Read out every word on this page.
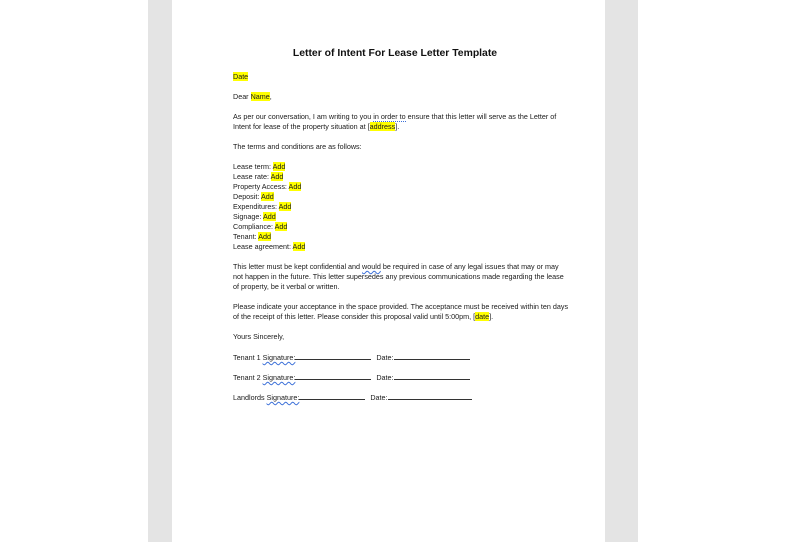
Letter of Intent For Lease Letter Template
Date
Dear Name,
As per our conversation, I am writing to you in order to ensure that this letter will serve as the Letter of
Intent for lease of the property situation at [address].
The terms and conditions are as follows:
Lease term: Add
Lease rate: Add
Property Access: Add
Deposit: Add
Expenditures: Add
Signage: Add
Compliance: Add
Tenant: Add
Lease agreement: Add
This letter must be kept confidential and would be required in case of any legal issues that may or may
not happen in the future. This letter supersedes any previous communications made regarding the lease
of property, be it verbal or written.
Please indicate your acceptance in the space provided. The acceptance must be received within ten days
of the receipt of this letter. Please consider this proposal valid until 5:00pm, [date].
Yours Sincerely,
Tenant 1 Signature:	Date:
Tenant 2 Signature:	Date:
Landlords Signature:	Date:
